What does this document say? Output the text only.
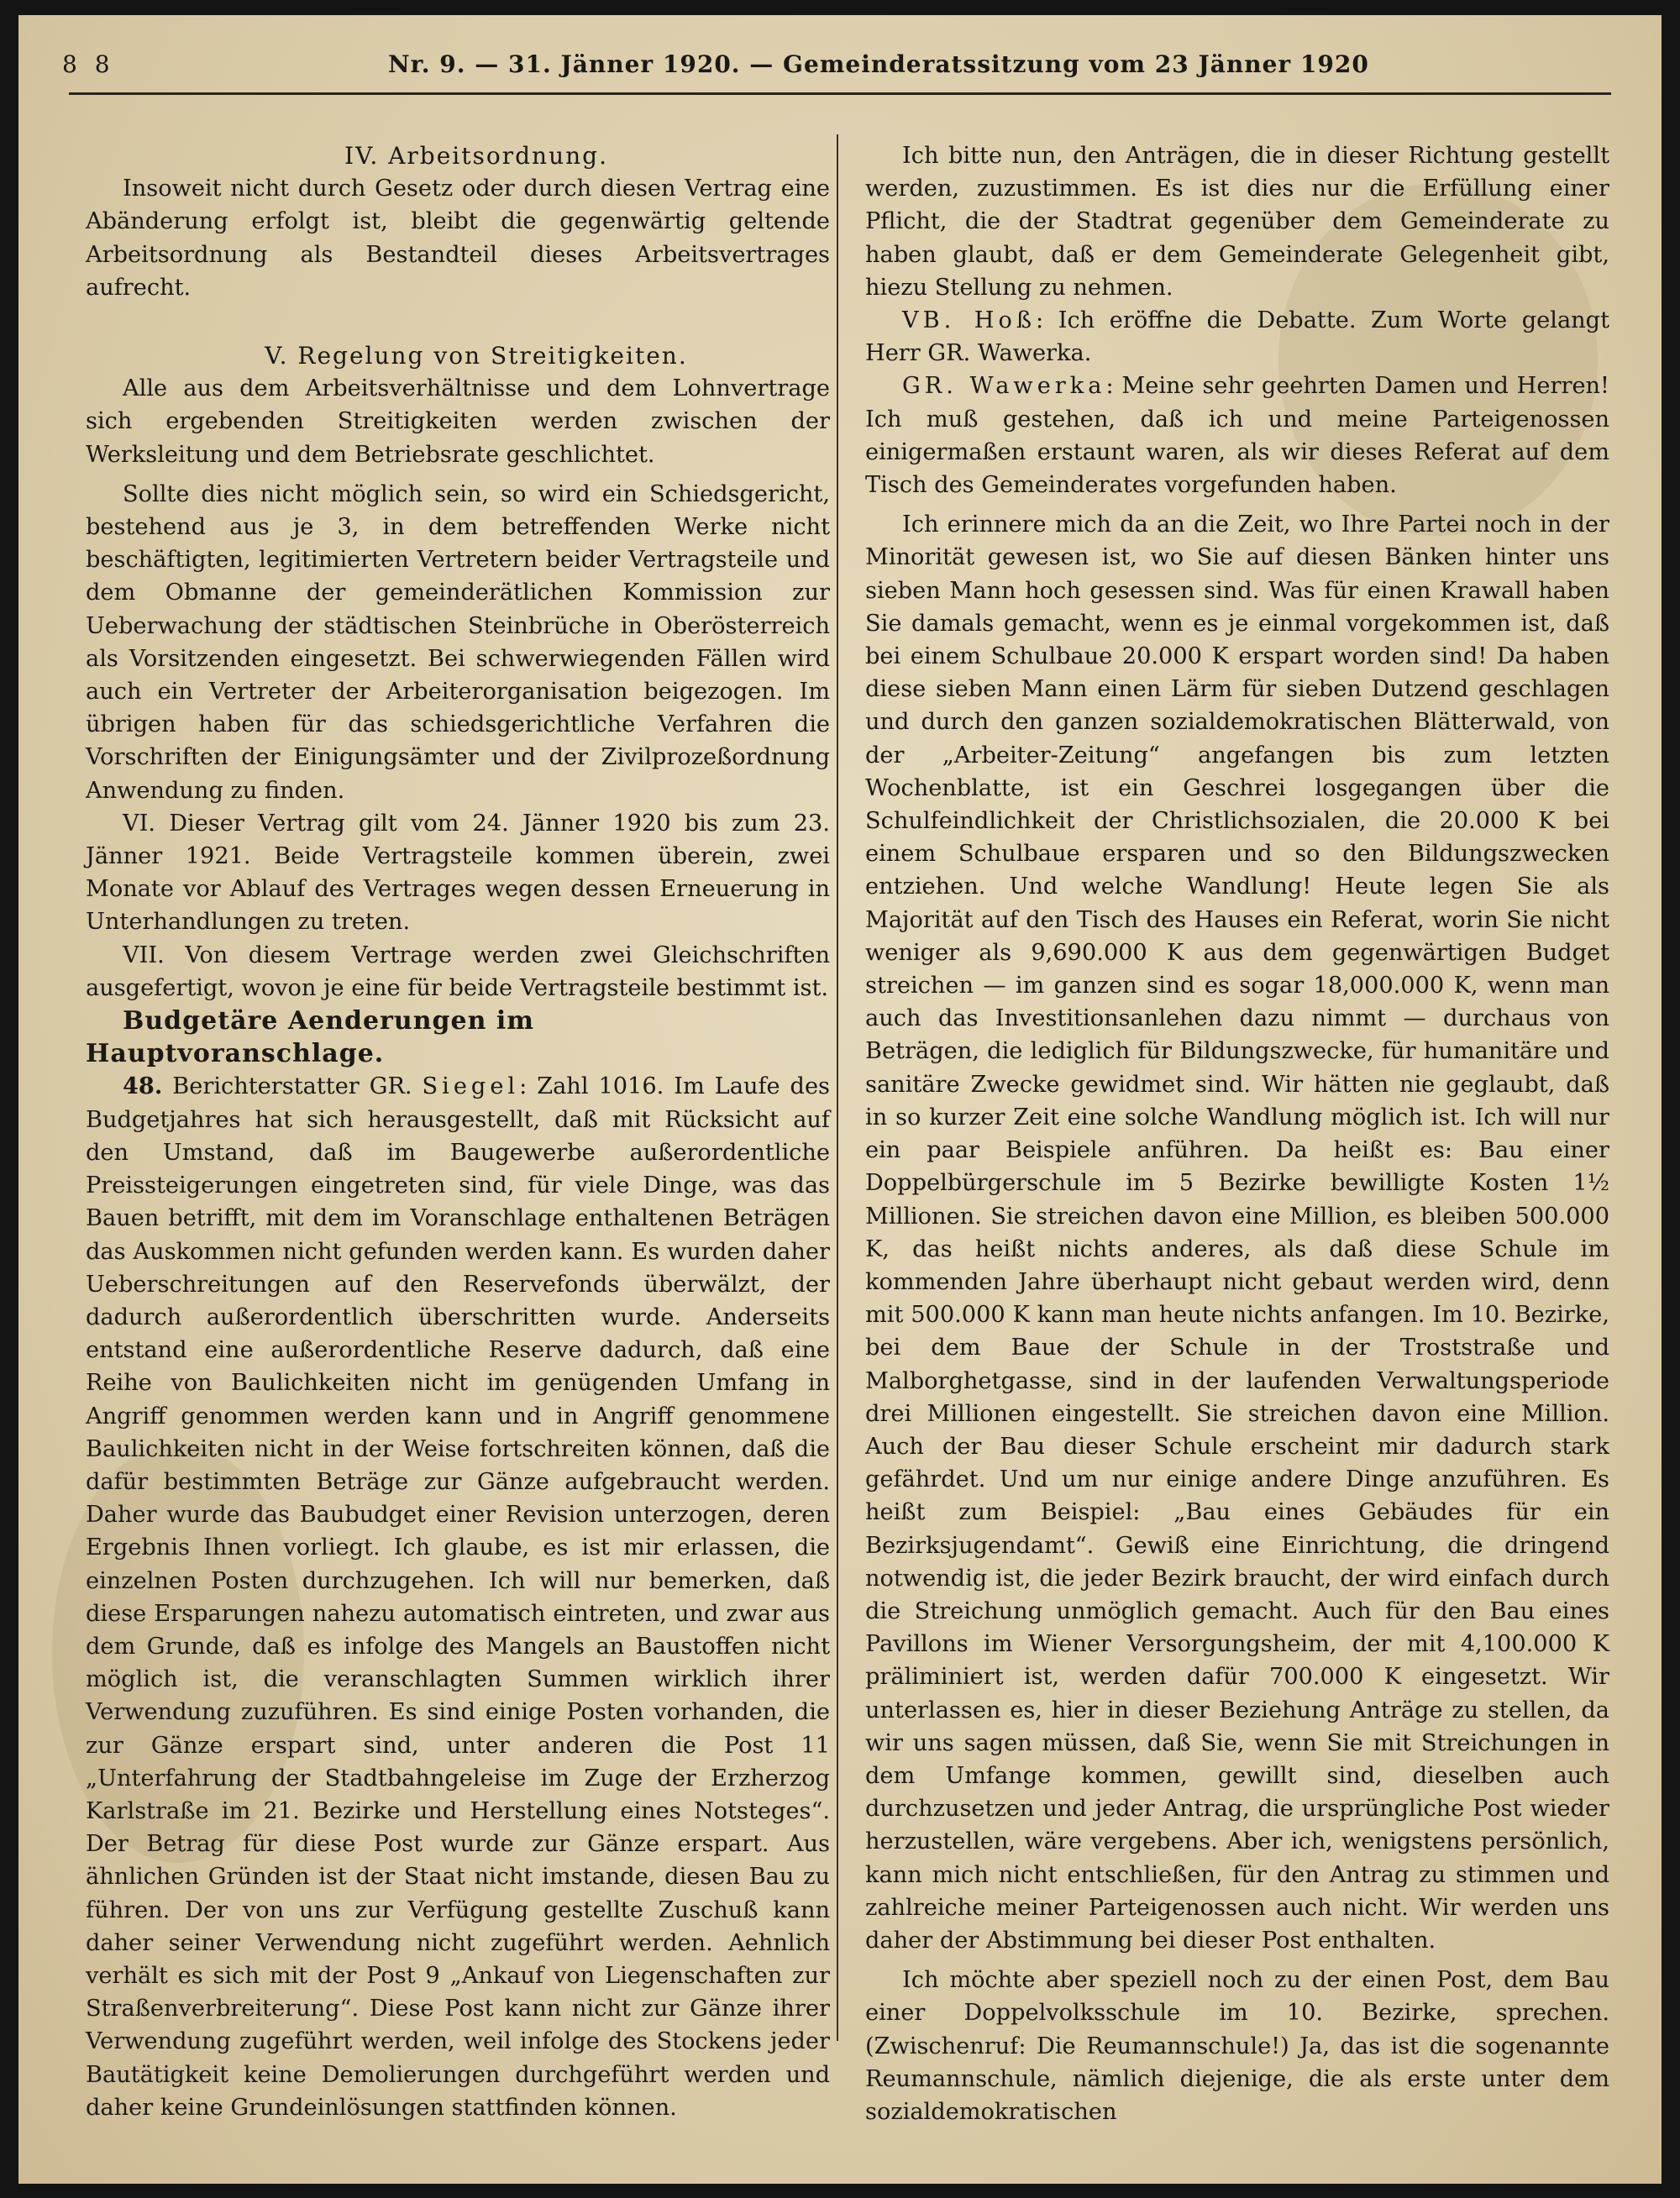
8 8	Nr. 9. — 31. Jänner 1920. — Gemeinderatssitzung vom 23 Jänner 1920

IV. Arbeitsordnung.

Insoweit nicht durch Gesetz oder durch diesen Vertrag eine Abänderung erfolgt ist, bleibt die gegenwärtig geltende Arbeitsordnung als Bestandteil dieses Arbeitsvertrages aufrecht.

V. Regelung von Streitigkeiten.

Alle aus dem Arbeitsverhältnisse und dem Lohnvertrage sich ergebenden Streitigkeiten werden zwischen der Werksleitung und dem Betriebsrate geschlichtet.

Sollte dies nicht möglich sein, so wird ein Schiedsgericht, bestehend aus je 3, in dem betreffenden Werke nicht beschäftigten, legitimierten Vertretern beider Vertragsteile und dem Obmanne der gemeinderätlichen Kommission zur Ueberwachung der städtischen Steinbrüche in Oberösterreich als Vorsitzenden eingesetzt. Bei schwerwiegenden Fällen wird auch ein Vertreter der Arbeiterorganisation beigezogen. Im übrigen haben für das schiedsgerichtliche Verfahren die Vorschriften der Einigungsämter und der Zivilprozeßordnung Anwendung zu finden.

VI. Dieser Vertrag gilt vom 24. Jänner 1920 bis zum 23. Jänner 1921. Beide Vertragsteile kommen überein, zwei Monate vor Ablauf des Vertrages wegen dessen Erneuerung in Unterhandlungen zu treten.

VII. Von diesem Vertrage werden zwei Gleichschriften ausgefertigt, wovon je eine für beide Vertragsteile bestimmt ist.

Budgetäre Aenderungen im Hauptvoranschlage.

48. Berichterstatter GR. Siegel: Zahl 1016. Im Laufe des Budgetjahres hat sich herausgestellt, daß mit Rücksicht auf den Umstand, daß im Baugewerbe außerordentliche Preissteigerungen eingetreten sind, für viele Dinge, was das Bauen betrifft, mit dem im Voranschlage enthaltenen Beträgen das Auskommen nicht gefunden werden kann. Es wurden daher Ueberschreitungen auf den Reservefonds überwälzt, der dadurch außerordentlich überschritten wurde. Anderseits entstand eine außerordentliche Reserve dadurch, daß eine Reihe von Baulichkeiten nicht im genügenden Umfang in Angriff genommen werden kann und in Angriff genommene Baulichkeiten nicht in der Weise fortschreiten können, daß die dafür bestimmten Beträge zur Gänze aufgebraucht werden. Daher wurde das Baubudget einer Revision unterzogen, deren Ergebnis Ihnen vorliegt. Ich glaube, es ist mir erlassen, die einzelnen Posten durchzugehen. Ich will nur bemerken, daß diese Ersparungen nahezu automatisch eintreten, und zwar aus dem Grunde, daß es infolge des Mangels an Baustoffen nicht möglich ist, die veranschlagten Summen wirklich ihrer Verwendung zuzuführen. Es sind einige Posten vorhanden, die zur Gänze erspart sind, unter anderen die Post 11 „Unterfahrung der Stadtbahngeleise im Zuge der Erzherzog Karlstraße im 21. Bezirke und Herstellung eines Notsteges“. Der Betrag für diese Post wurde zur Gänze erspart. Aus ähnlichen Gründen ist der Staat nicht imstande, diesen Bau zu führen. Der von uns zur Verfügung gestellte Zuschuß kann daher seiner Verwendung nicht zugeführt werden. Aehnlich verhält es sich mit der Post 9 „Ankauf von Liegenschaften zur Straßenverbreiterung“. Diese Post kann nicht zur Gänze ihrer Verwendung zugeführt werden, weil infolge des Stockens jeder Bautätigkeit keine Demolierungen durchgeführt werden und daher keine Grundeinlösungen stattfinden können.

Ich bitte nun, den Anträgen, die in dieser Richtung gestellt werden, zuzustimmen. Es ist dies nur die Erfüllung einer Pflicht, die der Stadtrat gegenüber dem Gemeinderate zu haben glaubt, daß er dem Gemeinderate Gelegenheit gibt, hiezu Stellung zu nehmen.

VB. Hoß: Ich eröffne die Debatte. Zum Worte gelangt Herr GR. Wawerka.

GR. Wawerka: Meine sehr geehrten Damen und Herren! Ich muß gestehen, daß ich und meine Parteigenossen einigermaßen erstaunt waren, als wir dieses Referat auf dem Tisch des Gemeinderates vorgefunden haben.

Ich erinnere mich da an die Zeit, wo Ihre Partei noch in der Minorität gewesen ist, wo Sie auf diesen Bänken hinter uns sieben Mann hoch gesessen sind. Was für einen Krawall haben Sie damals gemacht, wenn es je einmal vorgekommen ist, daß bei einem Schulbaue 20.000 K erspart worden sind! Da haben diese sieben Mann einen Lärm für sieben Dutzend geschlagen und durch den ganzen sozialdemokratischen Blätterwald, von der „Arbeiter-Zeitung“ angefangen bis zum letzten Wochenblatte, ist ein Geschrei losgegangen über die Schulfeindlichkeit der Christlichsozialen, die 20.000 K bei einem Schulbaue ersparen und so den Bildungszwecken entziehen. Und welche Wandlung! Heute legen Sie als Majorität auf den Tisch des Hauses ein Referat, worin Sie nicht weniger als 9,690.000 K aus dem gegenwärtigen Budget streichen — im ganzen sind es sogar 18,000.000 K, wenn man auch das Investitionsanlehen dazu nimmt — durchaus von Beträgen, die lediglich für Bildungszwecke, für humanitäre und sanitäre Zwecke gewidmet sind. Wir hätten nie geglaubt, daß in so kurzer Zeit eine solche Wandlung möglich ist. Ich will nur ein paar Beispiele anführen. Da heißt es: Bau einer Doppelbürgerschule im 5 Bezirke bewilligte Kosten 1½ Millionen. Sie streichen davon eine Million, es bleiben 500.000 K, das heißt nichts anderes, als daß diese Schule im kommenden Jahre überhaupt nicht gebaut werden wird, denn mit 500.000 K kann man heute nichts anfangen. Im 10. Bezirke, bei dem Baue der Schule in der Troststraße und Malborghetgasse, sind in der laufenden Verwaltungsperiode drei Millionen eingestellt. Sie streichen davon eine Million. Auch der Bau dieser Schule erscheint mir dadurch stark gefährdet. Und um nur einige andere Dinge anzuführen. Es heißt zum Beispiel: „Bau eines Gebäudes für ein Bezirksjugendamt“. Gewiß eine Einrichtung, die dringend notwendig ist, die jeder Bezirk braucht, der wird einfach durch die Streichung unmöglich gemacht. Auch für den Bau eines Pavillons im Wiener Versorgungsheim, der mit 4,100.000 K präliminiert ist, werden dafür 700.000 K eingesetzt. Wir unterlassen es, hier in dieser Beziehung Anträge zu stellen, da wir uns sagen müssen, daß Sie, wenn Sie mit Streichungen in dem Umfange kommen, gewillt sind, dieselben auch durchzusetzen und jeder Antrag, die ursprüngliche Post wieder herzustellen, wäre vergebens. Aber ich, wenigstens persönlich, kann mich nicht entschließen, für den Antrag zu stimmen und zahlreiche meiner Parteigenossen auch nicht. Wir werden uns daher der Abstimmung bei dieser Post enthalten.

Ich möchte aber speziell noch zu der einen Post, dem Bau einer Doppelvolksschule im 10. Bezirke, sprechen. (Zwischenruf: Die Reumannschule!) Ja, das ist die sogenannte Reumannschule, nämlich diejenige, die als erste unter dem sozialdemokratischen
